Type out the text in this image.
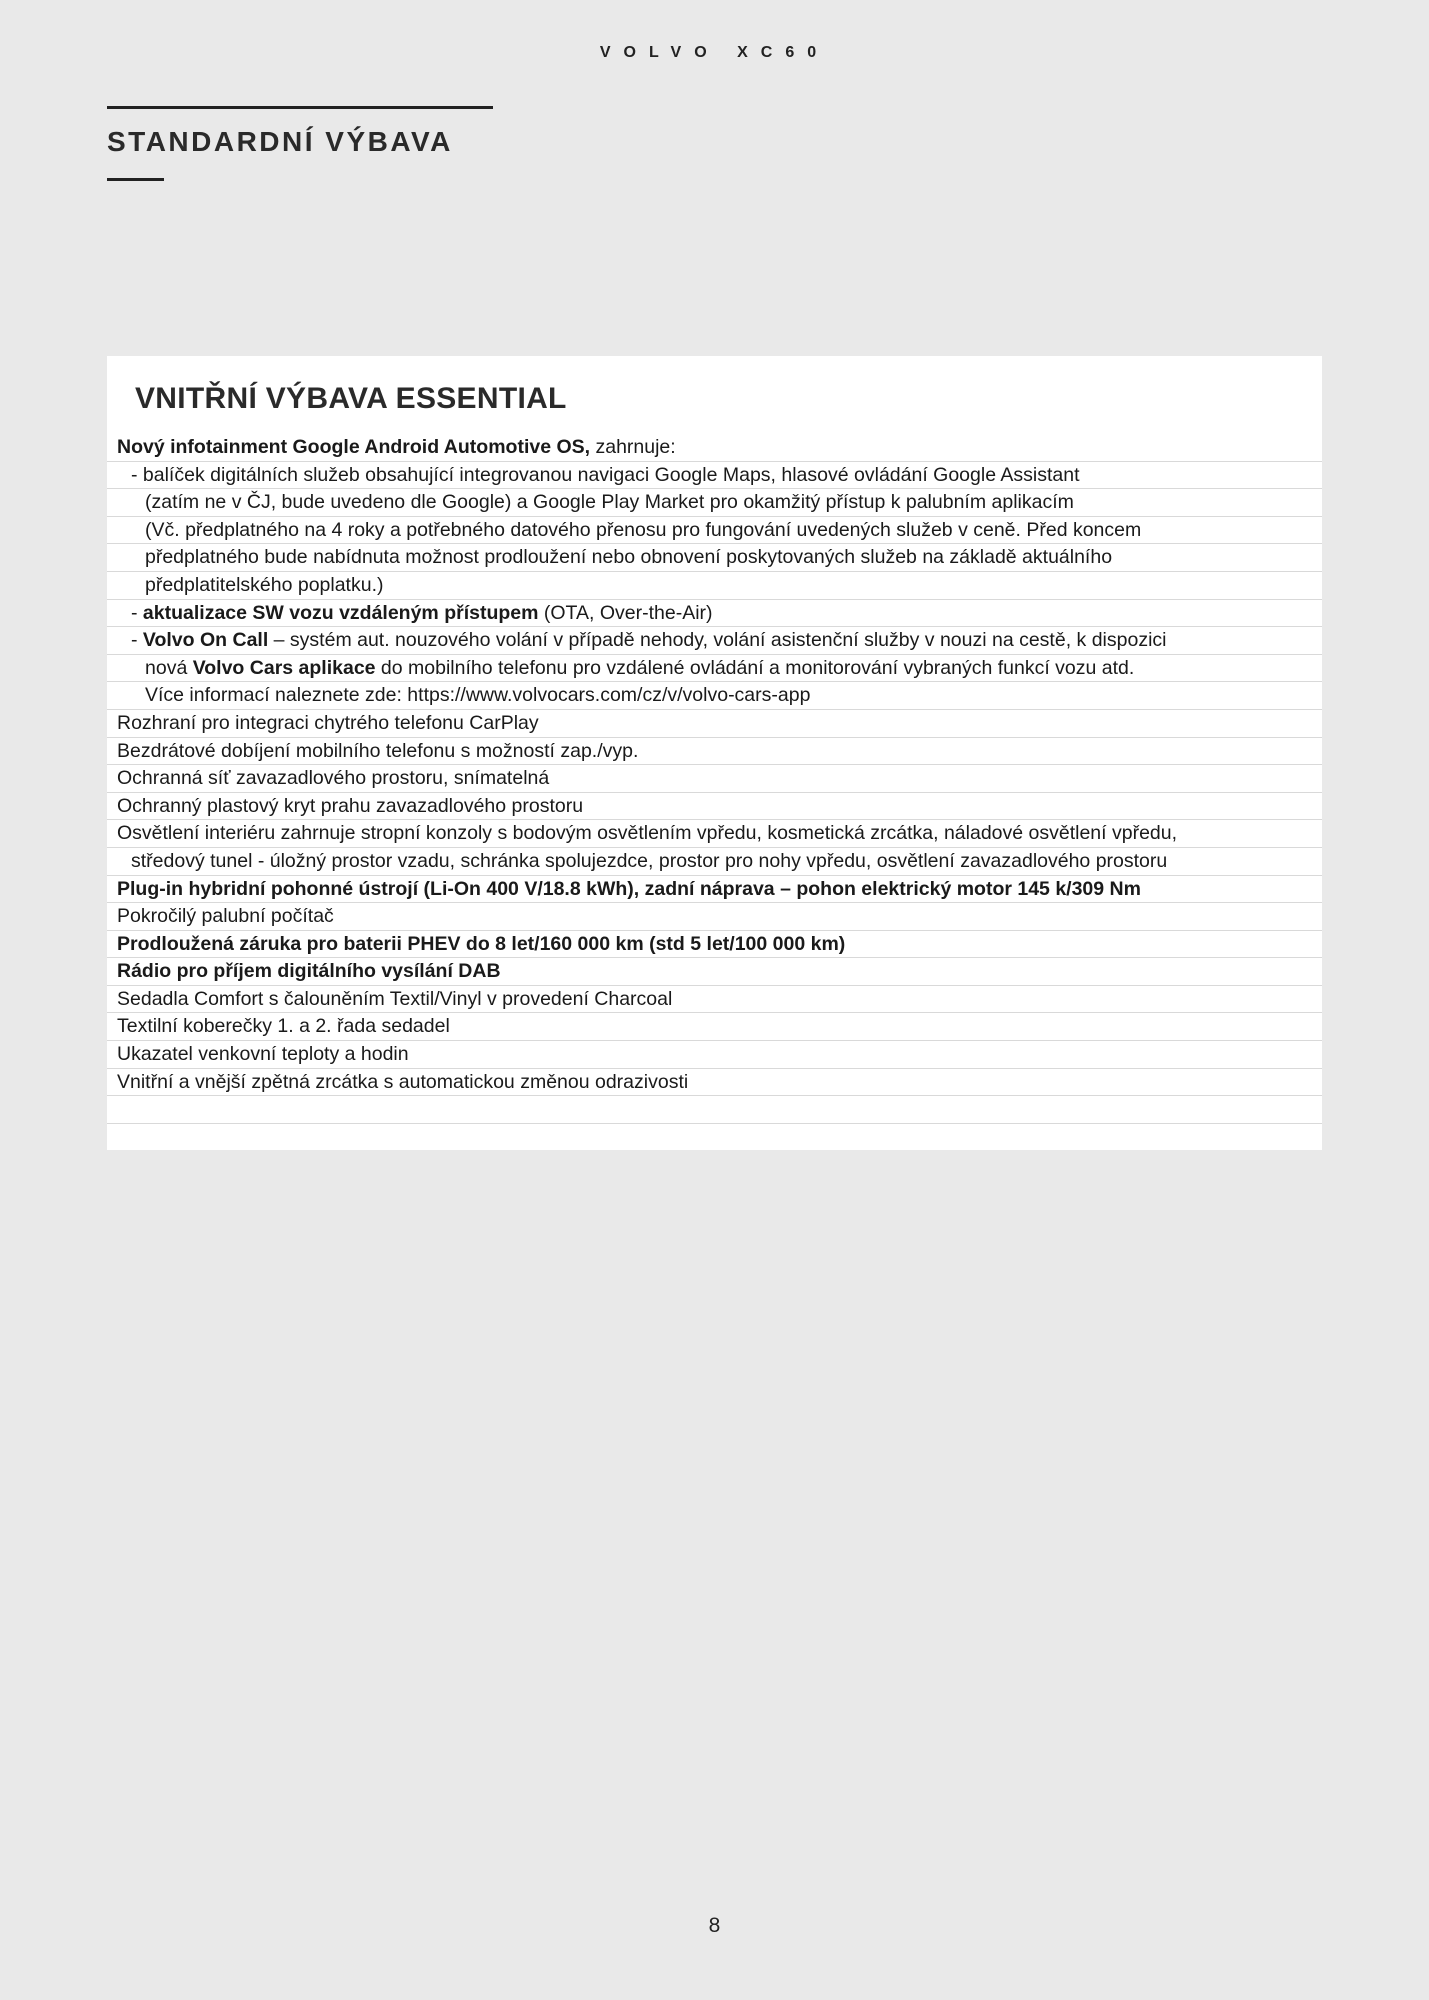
VOLVO XC60
STANDARDNÍ VÝBAVA
VNITŘNÍ VÝBAVA ESSENTIAL
Nový infotainment Google Android Automotive OS, zahrnuje:
- balíček digitálních služeb obsahující integrovanou navigaci Google Maps, hlasové ovládání Google Assistant
(zatím ne v ČJ, bude uvedeno dle Google) a Google Play Market pro okamžitý přístup k palubním aplikacím
(Vč. předplatného na 4 roky a potřebného datového přenosu pro fungování uvedených služeb v ceně. Před koncem
předplatného bude nabídnuta možnost prodloužení nebo obnovení poskytovaných služeb na základě aktuálního
předplatitelského poplatku.)
- aktualizace SW vozu vzdáleným přístupem (OTA, Over-the-Air)
- Volvo On Call – systém aut. nouzového volání v případě nehody, volání asistenční služby v nouzi na cestě, k dispozici
nová Volvo Cars aplikace do mobilního telefonu pro vzdálené ovládání a monitorování vybraných funkcí vozu atd.
Více informací naleznete zde: https://www.volvocars.com/cz/v/volvo-cars-app
Rozhraní pro integraci chytrého telefonu CarPlay
Bezdrátové dobíjení mobilního telefonu s možností zap./vyp.
Ochranná síť zavazadlového prostoru, snímatelná
Ochranný plastový kryt prahu zavazadlového prostoru
Osvětlení interiéru zahrnuje stropní konzoly s bodovým osvětlením vpředu, kosmetická zrcátka, náladové osvětlení vpředu,
středový tunel - úložný prostor vzadu, schránka spolujezdce, prostor pro nohy vpředu, osvětlení zavazadlového prostoru
Plug-in hybridní pohonné ústrojí (Li-On 400 V/18.8 kWh), zadní náprava – pohon elektrický motor 145 k/309 Nm
Pokročilý palubní počítač
Prodloužená záruka pro baterii PHEV do 8 let/160 000 km (std 5 let/100 000 km)
Rádio pro příjem digitálního vysílání DAB
Sedadla Comfort s čalouněním Textil/Vinyl v provedení Charcoal
Textilní koberečky 1. a 2. řada sedadel
Ukazatel venkovní teploty a hodin
Vnitřní a vnější zpětná zrcátka s automatickou změnou odrazivosti
8
